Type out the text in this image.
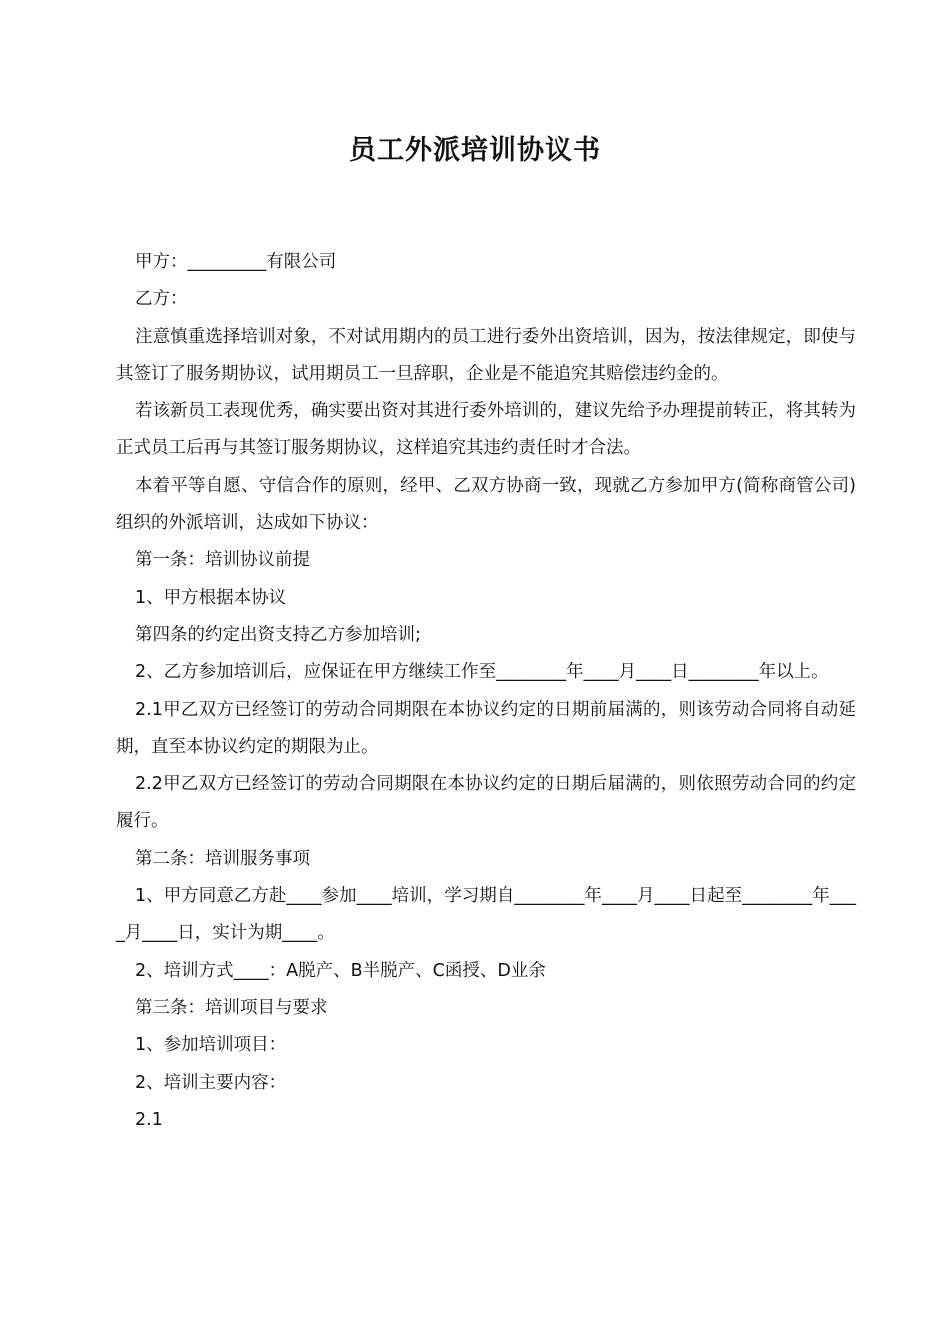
员工外派培训协议书

甲方：_________有限公司

乙方：

注意慎重选择培训对象，不对试用期内的员工进行委外出资培训，因为，按法律规定，即使与其签订了服务期协议，试用期员工一旦辞职，企业是不能追究其赔偿违约金的。

若该新员工表现优秀，确实要出资对其进行委外培训的，建议先给予办理提前转正，将其转为正式员工后再与其签订服务期协议，这样追究其违约责任时才合法。

本着平等自愿、守信合作的原则，经甲、乙双方协商一致，现就乙方参加甲方(简称商管公司)组织的外派培训，达成如下协议：

第一条：培训协议前提

1、甲方根据本协议

第四条的约定出资支持乙方参加培训;

2、乙方参加培训后，应保证在甲方继续工作至________年____月____日________年以上。

2.1甲乙双方已经签订的劳动合同期限在本协议约定的日期前届满的，则该劳动合同将自动延期，直至本协议约定的期限为止。

2.2甲乙双方已经签订的劳动合同期限在本协议约定的日期后届满的，则依照劳动合同的约定履行。

第二条：培训服务事项

1、甲方同意乙方赴____参加____培训，学习期自________年____月____日起至________年____月____日，实计为期____。

2、培训方式____：A脱产、B半脱产、C函授、D业余

第三条：培训项目与要求

1、参加培训项目：

2、培训主要内容：

2.1
